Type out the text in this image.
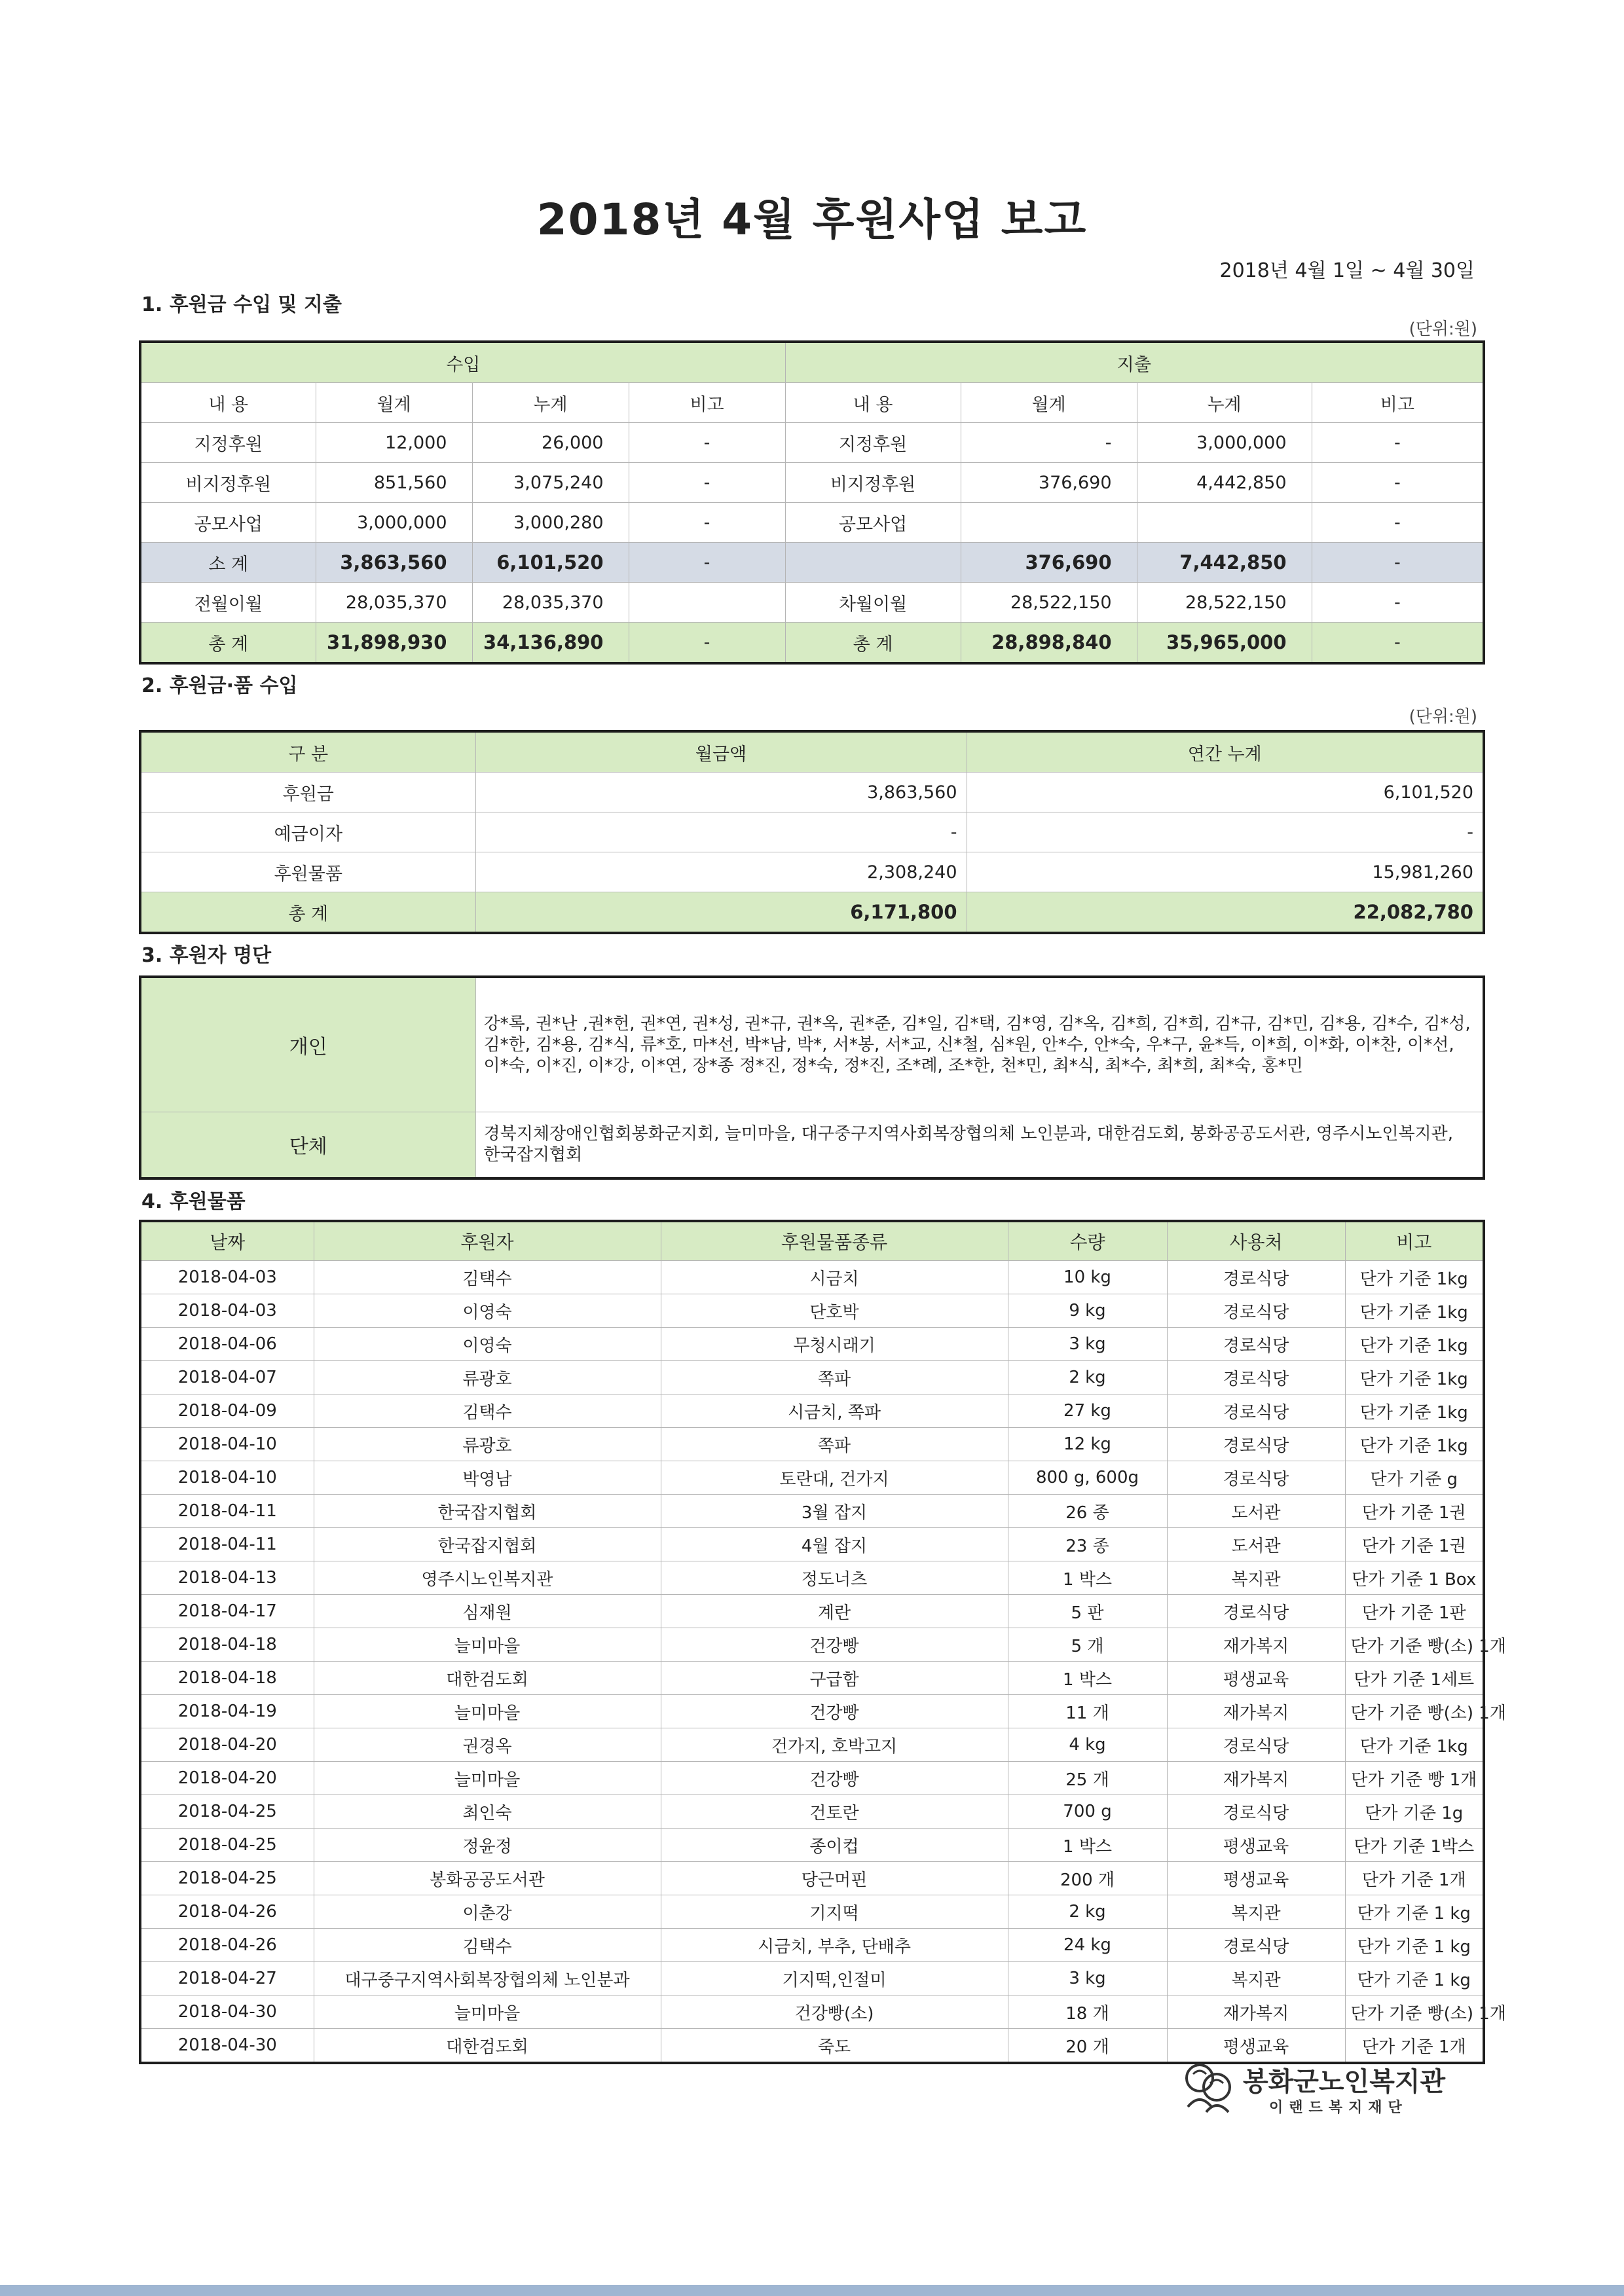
2018년 4월 후원사업 보고
2018년 4월 1일 ~ 4월 30일
1. 후원금 수입 및 지출
(단위:원)
수입				지출			
내 용	월계	누계	비고	내 용	월계	누계	비고
지정후원	12,000	26,000	-	지정후원	-	3,000,000	-
비지정후원	851,560	3,075,240	-	비지정후원	376,690	4,442,850	-
공모사업	3,000,000	3,000,280	-	공모사업			-
소 계	3,863,560	6,101,520	-		376,690	7,442,850	-
전월이월	28,035,370	28,035,370		차월이월	28,522,150	28,522,150	-
총 계	31,898,930	34,136,890	-	총 계	28,898,840	35,965,000	-
2. 후원금·품 수입
(단위:원)
구 분	월금액	연간 누계
후원금	3,863,560	6,101,520
예금이자	-	-
후원물품	2,308,240	15,981,260
총 계	6,171,800	22,082,780
3. 후원자 명단
개인	강*록, 권*난 ,권*헌, 권*연, 권*성, 권*규, 권*옥, 권*준, 김*일, 김*택, 김*영, 김*옥, 김*희, 김*희, 김*규, 김*민, 김*용, 김*수, 김*성, 김*한, 김*용, 김*식, 류*호, 마*선, 박*남, 박*, 서*봉, 서*교, 신*철, 심*원, 안*수, 안*숙, 우*구, 윤*득, 이*희, 이*화, 이*찬, 이*선, 이*숙, 이*진, 이*강, 이*연, 장*종 정*진, 정*숙, 정*진, 조*례, 조*한, 천*민, 최*식, 최*수, 최*희, 최*숙, 홍*민
단체	경북지체장애인협회봉화군지회, 늘미마을, 대구중구지역사회복장협의체 노인분과, 대한검도회, 봉화공공도서관, 영주시노인복지관, 한국잡지협회
4. 후원물품
날짜	후원자	후원물품종류	수량	사용처	비고
2018-04-03	김택수	시금치	10 kg	경로식당	단가 기준 1kg
2018-04-03	이영숙	단호박	9 kg	경로식당	단가 기준 1kg
2018-04-06	이영숙	무청시래기	3 kg	경로식당	단가 기준 1kg
2018-04-07	류광호	쪽파	2 kg	경로식당	단가 기준 1kg
2018-04-09	김택수	시금치, 쪽파	27 kg	경로식당	단가 기준 1kg
2018-04-10	류광호	쪽파	12 kg	경로식당	단가 기준 1kg
2018-04-10	박영남	토란대, 건가지	800 g, 600g	경로식당	단가 기준 g
2018-04-11	한국잡지협회	3월 잡지	26 종	도서관	단가 기준 1권
2018-04-11	한국잡지협회	4월 잡지	23 종	도서관	단가 기준 1권
2018-04-13	영주시노인복지관	정도너츠	1 박스	복지관	단가 기준 1 Box
2018-04-17	심재원	계란	5 판	경로식당	단가 기준 1판
2018-04-18	늘미마을	건강빵	5 개	재가복지	단가 기준 빵(소) 1개
2018-04-18	대한검도회	구급함	1 박스	평생교육	단가 기준 1세트
2018-04-19	늘미마을	건강빵	11 개	재가복지	단가 기준 빵(소) 1개
2018-04-20	권경옥	건가지, 호박고지	4 kg	경로식당	단가 기준 1kg
2018-04-20	늘미마을	건강빵	25 개	재가복지	단가 기준 빵 1개
2018-04-25	최인숙	건토란	700 g	경로식당	단가 기준 1g
2018-04-25	정윤정	종이컵	1 박스	평생교육	단가 기준 1박스
2018-04-25	봉화공공도서관	당근머핀	200 개	평생교육	단가 기준 1개
2018-04-26	이춘강	기지떡	2 kg	복지관	단가 기준 1 kg
2018-04-26	김택수	시금치, 부추, 단배추	24 kg	경로식당	단가 기준 1 kg
2018-04-27	대구중구지역사회복장협의체 노인분과	기지떡,인절미	3 kg	복지관	단가 기준 1 kg
2018-04-30	늘미마을	건강빵(소)	18 개	재가복지	단가 기준 빵(소) 1개
2018-04-30	대한검도회	죽도	20 개	평생교육	단가 기준 1개
봉화군노인복지관
이랜드복지재단
